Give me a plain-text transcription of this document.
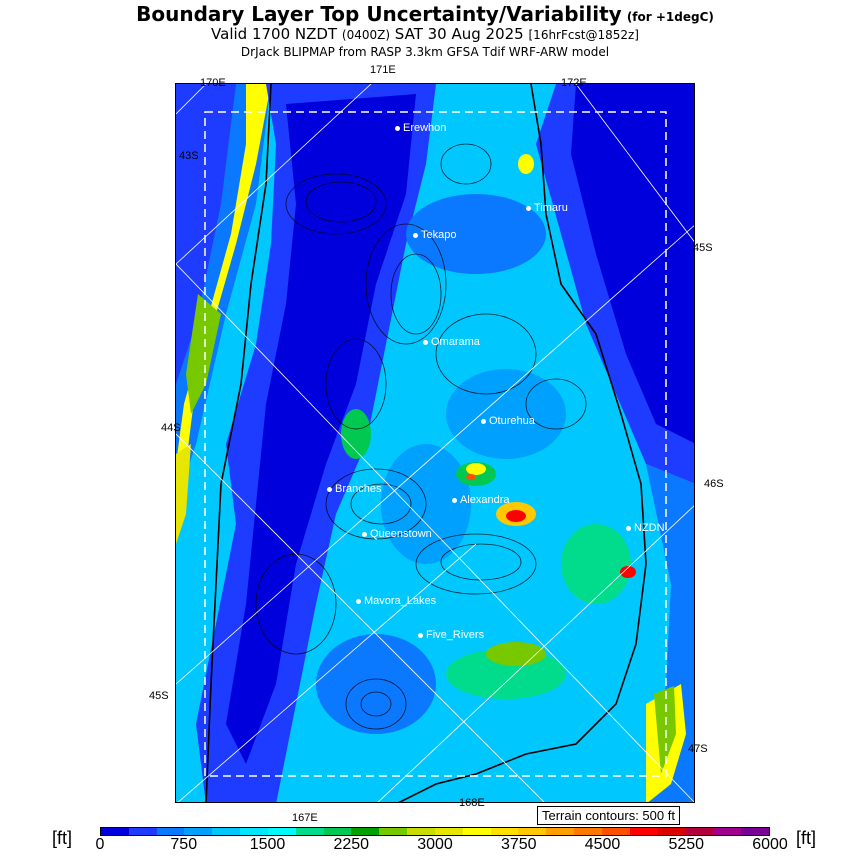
Boundary Layer Top Uncertainty/Variability (for +1degC)
Valid 1700 NZDT (0400Z) SAT 30 Aug 2025 [16hrFcst@1852z]
DrJack BLIPMAP from RASP 3.3km GFSA Tdif WRF-ARW model
Erewhon
Timaru
Tekapo
Omarama
Oturehua
Branches
Alexandra
NZDN
Queenstown
Mavora_Lakes
Five_Rivers
170E
171E
172E
43S
45S
44S
46S
45S
47S
167E
168E
Terrain contours: 500 ft
[ft]	[ft]
0	750	1500	2250	3000	3750	4500	5250	6000
